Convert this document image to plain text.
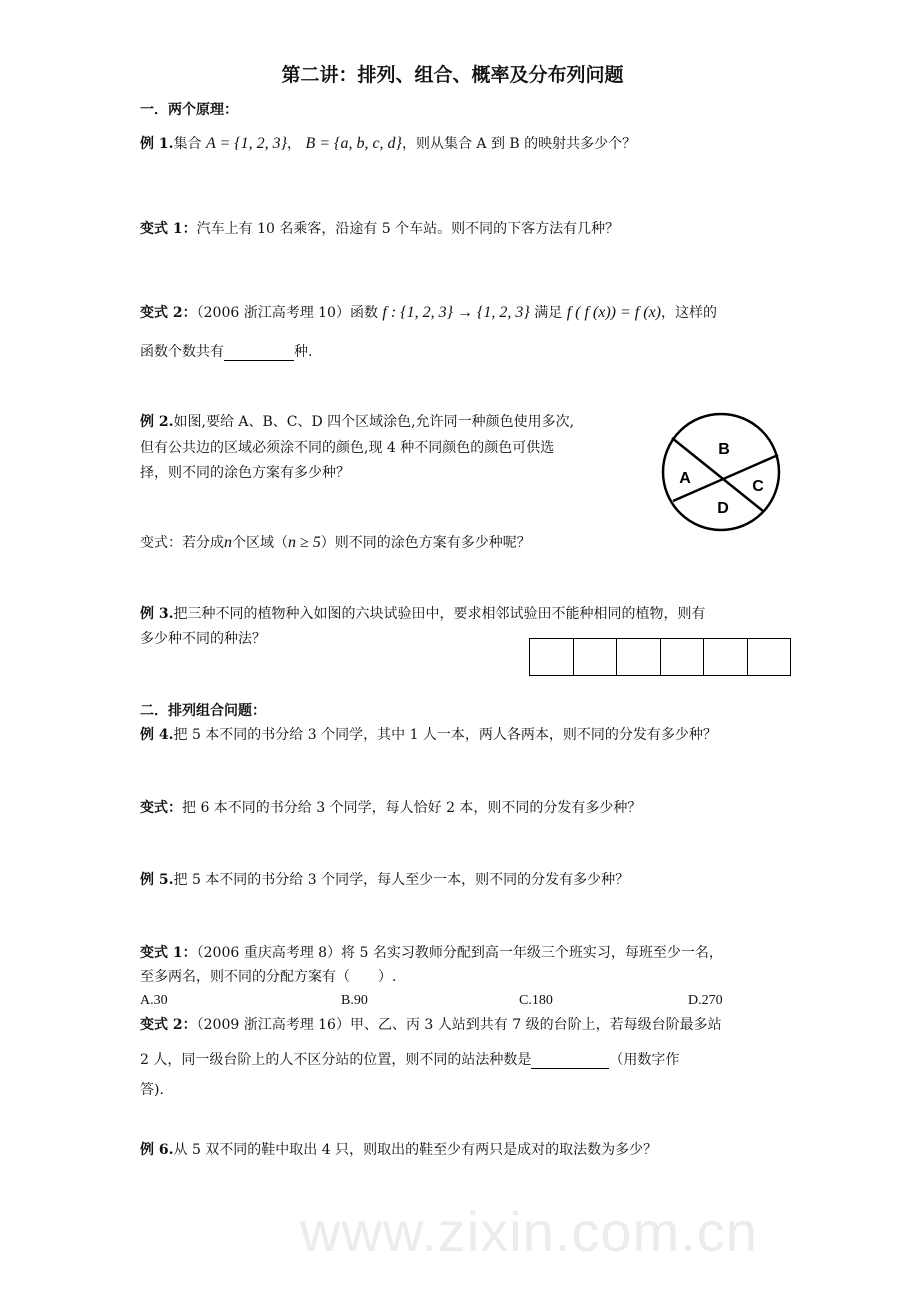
www.zixin.com.cn
第二讲：排列、组合、概率及分布列问题
一．两个原理：
例 1.集合 A = {1, 2, 3}， B = {a, b, c, d}，则从集合 A 到 B 的映射共多少个？
变式 1：汽车上有 10 名乘客，沿途有 5 个车站。则不同的下客方法有几种？
变式 2：（2006 浙江高考理 10）函数 f : {1, 2, 3} → {1, 2, 3} 满足 f ( f (x)) = f (x)，这样的
函数个数共有	种.
例 2.如图,要给 A、B、C、D 四个区域涂色,允许同一种颜色使用多次,
但有公共边的区域必须涂不同的颜色,现 4 种不同颜色的颜色可供选
择，则不同的涂色方案有多少种？	A
B
C
D
变式：若分成n个区域（n ≥ 5）则不同的涂色方案有多少种呢？
例 3.把三种不同的植物种入如图的六块试验田中，要求相邻试验田不能种相同的植物，则有
多少种不同的种法？
二．排列组合问题：
例 4.把 5 本不同的书分给 3 个同学，其中 1 人一本，两人各两本，则不同的分发有多少种？
变式：把 6 本不同的书分给 3 个同学，每人恰好 2 本，则不同的分发有多少种？
例 5.把 5 本不同的书分给 3 个同学，每人至少一本，则不同的分发有多少种？
变式 1：（2006 重庆高考理 8）将 5 名实习教师分配到高一年级三个班实习，每班至少一名，
至多两名，则不同的分配方案有（　　）.
A.30	B.90	C.180	D.270
变式 2：（2009 浙江高考理 16）甲、乙、丙 3 人站到共有 7 级的台阶上，若每级台阶最多站
2 人，同一级台阶上的人不区分站的位置，则不同的站法种数是	（用数字作
答).
例 6.从 5 双不同的鞋中取出 4 只，则取出的鞋至少有两只是成对的取法数为多少？
